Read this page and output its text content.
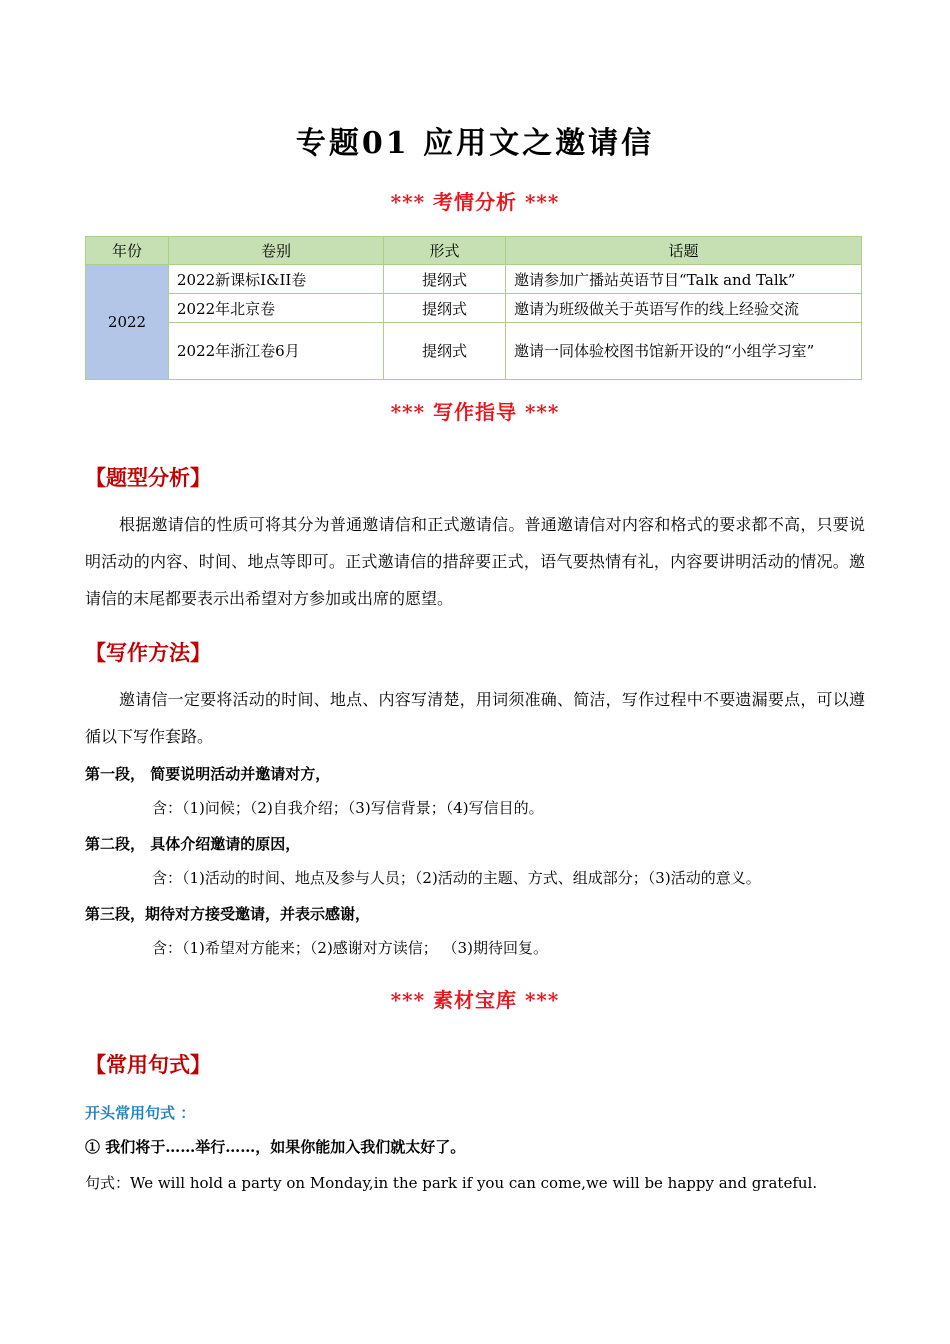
专题01 应用文之邀请信
*** 考情分析 ***
年份	卷别	形式	话题
2022	2022新课标I&II卷	提纲式	邀请参加广播站英语节目“Talk and Talk”
	2022年北京卷	提纲式	邀请为班级做关于英语写作的线上经验交流
	2022年浙江卷6月	提纲式	邀请一同体验校图书馆新开设的“小组学习室”
*** 写作指导 ***
【题型分析】
根据邀请信的性质可将其分为普通邀请信和正式邀请信。普通邀请信对内容和格式的要求都不高，只要说明活动的内容、时间、地点等即可。正式邀请信的措辞要正式，语气要热情有礼，内容要讲明活动的情况。邀请信的末尾都要表示出希望对方参加或出席的愿望。
【写作方法】
邀请信一定要将活动的时间、地点、内容写清楚，用词须准确、简洁，写作过程中不要遗漏要点，可以遵循以下写作套路。
第一段， 简要说明活动并邀请对方，
含：（1)问候；（2)自我介绍；（3)写信背景；（4)写信目的。
第二段， 具体介绍邀请的原因，
含：（1)活动的时间、地点及参与人员；（2)活动的主题、方式、组成部分；（3)活动的意义。
第三段，期待对方接受邀请，并表示感谢，
含：（1)希望对方能来；（2)感谢对方读信； （3)期待回复。
*** 素材宝库 ***
【常用句式】
开头常用句式 ：
① 我们将于……举行……，如果你能加入我们就太好了。
句式：We will hold a party on Monday,in the park if you can come,we will be happy and grateful.
